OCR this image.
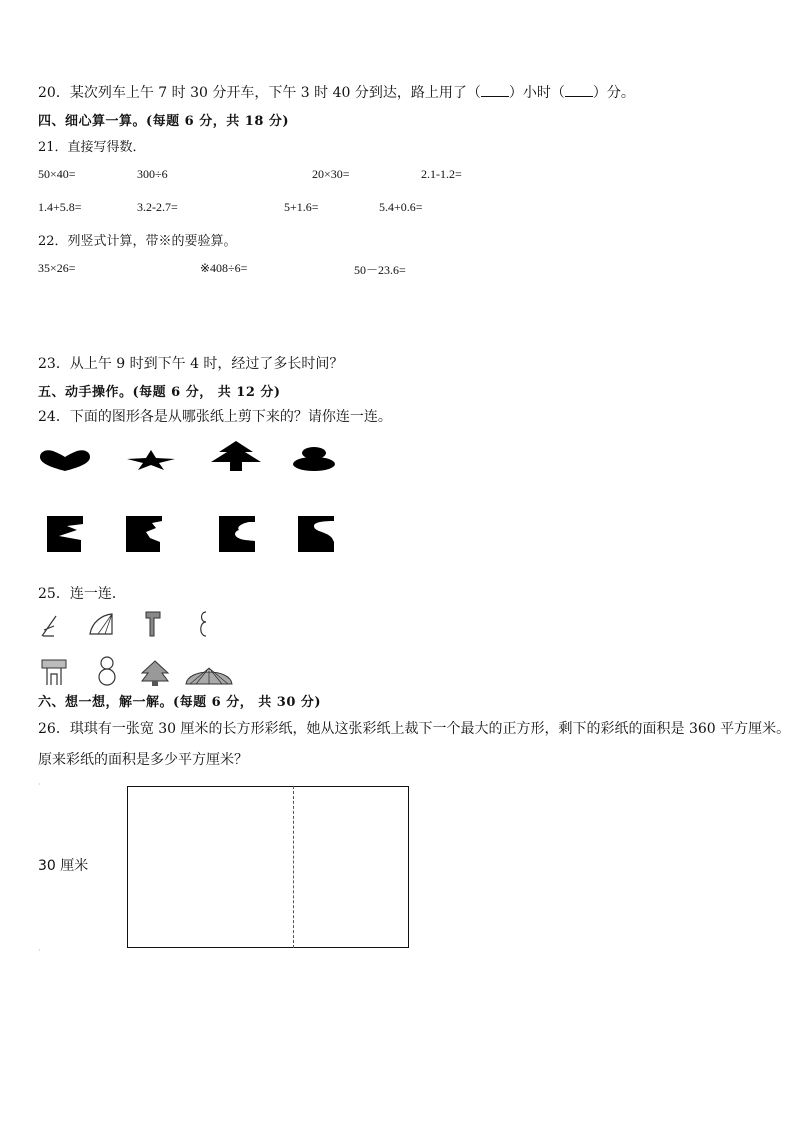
20．某次列车上午 7 时 30 分开车，下午 3 时 40 分到达，路上用了（ ）小时（ ）分。
四、细心算一算。(每题 6 分，共 18 分)
21．直接写得数．
50×40=	300÷6	20×30=	2.1-1.2=
1.4+5.8=	3.2-2.7=	5+1.6=	5.4+0.6=
22．列竖式计算，带※的要验算。
35×26=	※408÷6=	50－23.6=
23．从上午 9 时到下午 4 时，经过了多长时间？
五、动手操作。(每题 6 分， 共 12 分)
24．下面的图形各是从哪张纸上剪下来的？请你连一连。
25．连一连．
六、想一想，解一解。(每题 6 分， 共 30 分)
26．琪琪有一张宽 30 厘米的长方形彩纸，她从这张彩纸上裁下一个最大的正方形，剩下的彩纸的面积是 360 平方厘米。
原来彩纸的面积是多少平方厘米？
·
30 厘米
·
